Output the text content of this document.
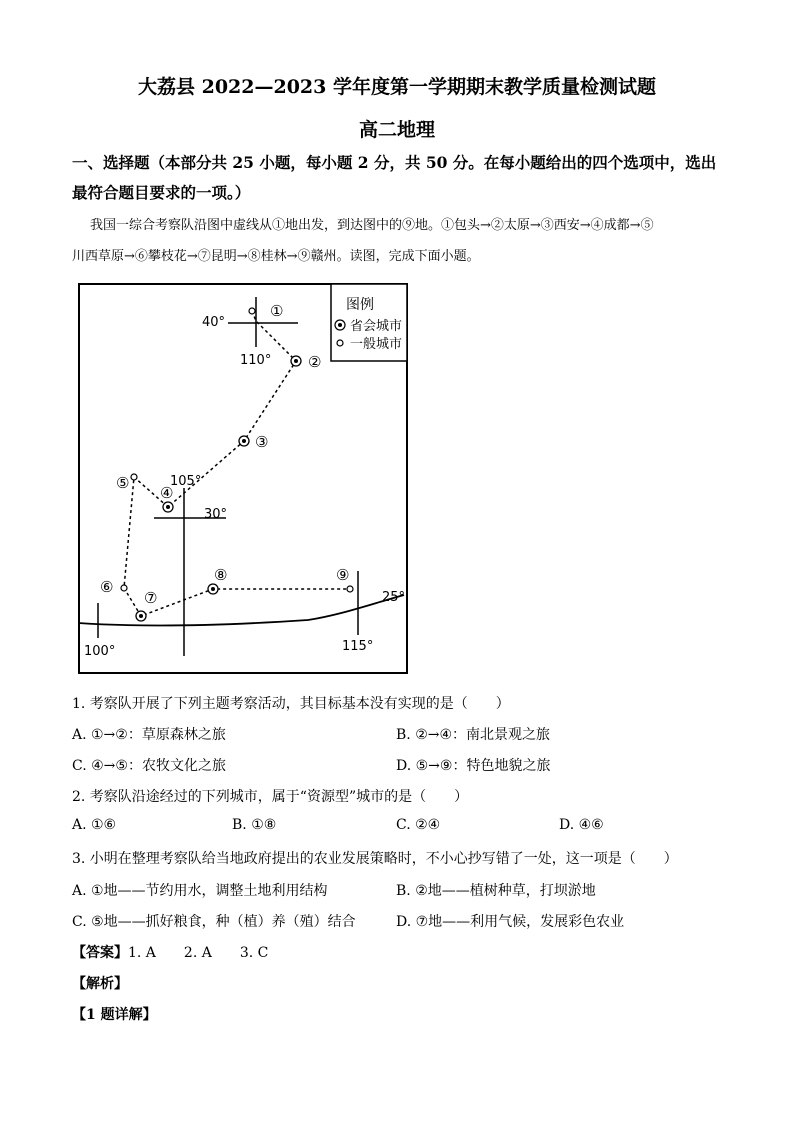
大荔县 2022—2023 学年度第一学期期末教学质量检测试题
高二地理
一、选择题（本部分共 25 小题，每小题 2 分，共 50 分。在每小题给出的四个选项中，选出
最符合题目要求的一项。）
我国一综合考察队沿图中虚线从①地出发，到达图中的⑨地。①包头→②太原→③西安→④成都→⑤
川西草原→⑥攀枝花→⑦昆明→⑧桂林→⑨赣州。读图，完成下面小题。
图例
省会城市
一般城市
①
②
③
④
⑤
⑥
⑦
⑧	⑨
40°
110°
105°
30°
25°
100°	115°
1. 考察队开展了下列主题考察活动，其目标基本没有实现的是（　　）
A. ①→②：草原森林之旅	B. ②→④：南北景观之旅
C. ④→⑤：农牧文化之旅	D. ⑤→⑨：特色地貌之旅
2. 考察队沿途经过的下列城市，属于“资源型”城市的是（　　）
A. ①⑥	B. ①⑧	C. ②④	D. ④⑥
3. 小明在整理考察队给当地政府提出的农业发展策略时，不小心抄写错了一处，这一项是（　　）
A. ①地——节约用水，调整土地利用结构	B. ②地——植树种草，打坝淤地
C. ⑤地——抓好粮食，种（植）养（殖）结合	D. ⑦地——利用气候，发展彩色农业
【答案】1. A　　2. A　　3. C
【解析】
【1 题详解】
